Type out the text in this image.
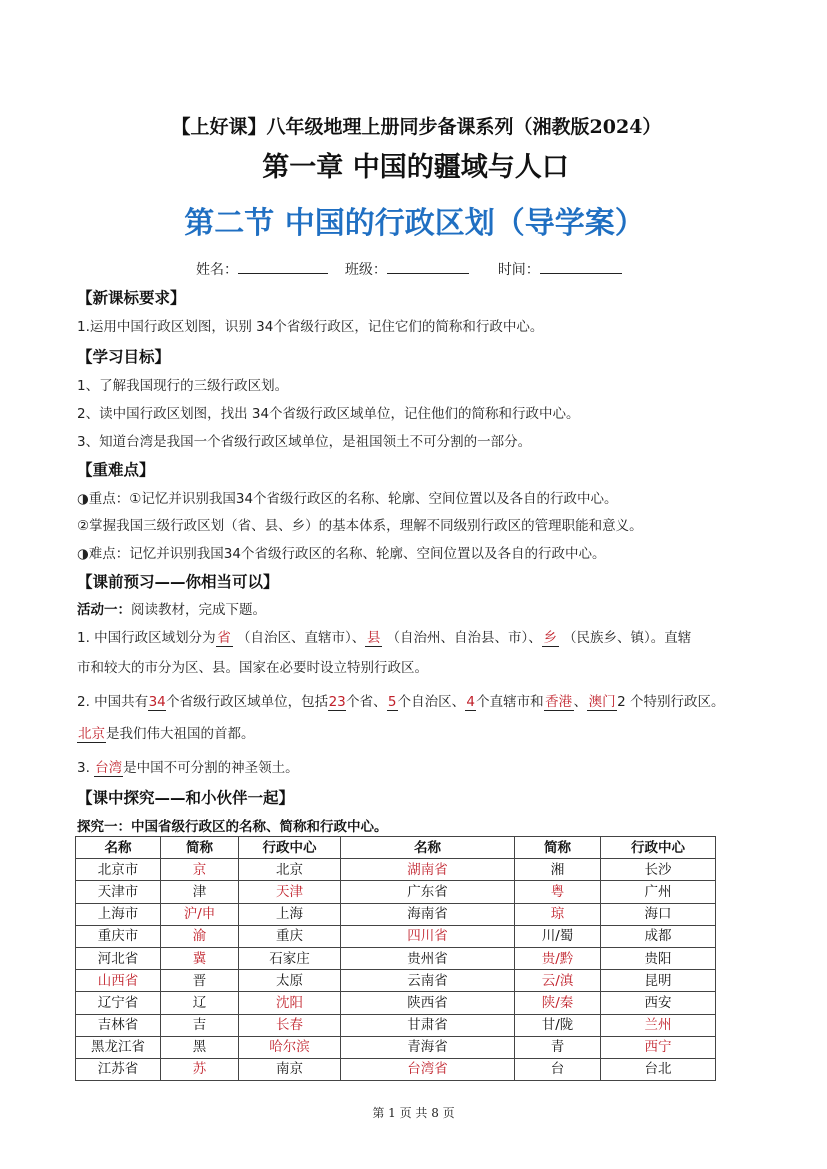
【上好课】八年级地理上册同步备课系列（湘教版2024）
第一章 中国的疆域与人口
第二节 中国的行政区划（导学案）
姓名：	班级：	时间：
【新课标要求】
1.运用中国行政区划图，识别 34个省级行政区，记住它们的简称和行政中心。
【学习目标】
1、了解我国现行的三级行政区划。
2、读中国行政区划图，找出 34个省级行政区域单位，记住他们的简称和行政中心。
3、知道台湾是我国一个省级行政区域单位，是祖国领土不可分割的一部分。
【重难点】
◑重点：①记忆并识别我国34个省级行政区的名称、轮廓、空间位置以及各自的行政中心。
②掌握我国三级行政区划（省、县、乡）的基本体系，理解不同级别行政区的管理职能和意义。
◑难点：记忆并识别我国34个省级行政区的名称、轮廓、空间位置以及各自的行政中心。
【课前预习——你相当可以】
活动一：阅读教材，完成下题。
1. 中国行政区域划分为 省 （自治区、直辖市）、 县 （自治州、自治县、市）、 乡 （民族乡、镇）。直辖
市和较大的市分为区、县。国家在必要时设立特别行政区。
2. 中国共有34个省级行政区域单位，包括23个省、5个自治区、4个直辖市和 香港 、 澳门 2 个特别行政区。
北京是我们伟大祖国的首都。
3. 台湾是中国不可分割的神圣领土。
【课中探究——和小伙伴一起】
探究一：中国省级行政区的名称、简称和行政中心。
名称	简称	行政中心	名称	简称	行政中心
北京市	京	北京	湖南省	湘	长沙
天津市	津	天津	广东省	粤	广州
上海市	沪/申	上海	海南省	琼	海口
重庆市	渝	重庆	四川省	川/蜀	成都
河北省	冀	石家庄	贵州省	贵/黔	贵阳
山西省	晋	太原	云南省	云/滇	昆明
辽宁省	辽	沈阳	陕西省	陕/秦	西安
吉林省	吉	长春	甘肃省	甘/陇	兰州
黑龙江省	黑	哈尔滨	青海省	青	西宁
江苏省	苏	南京	台湾省	台	台北
第 1 页 共 8 页
